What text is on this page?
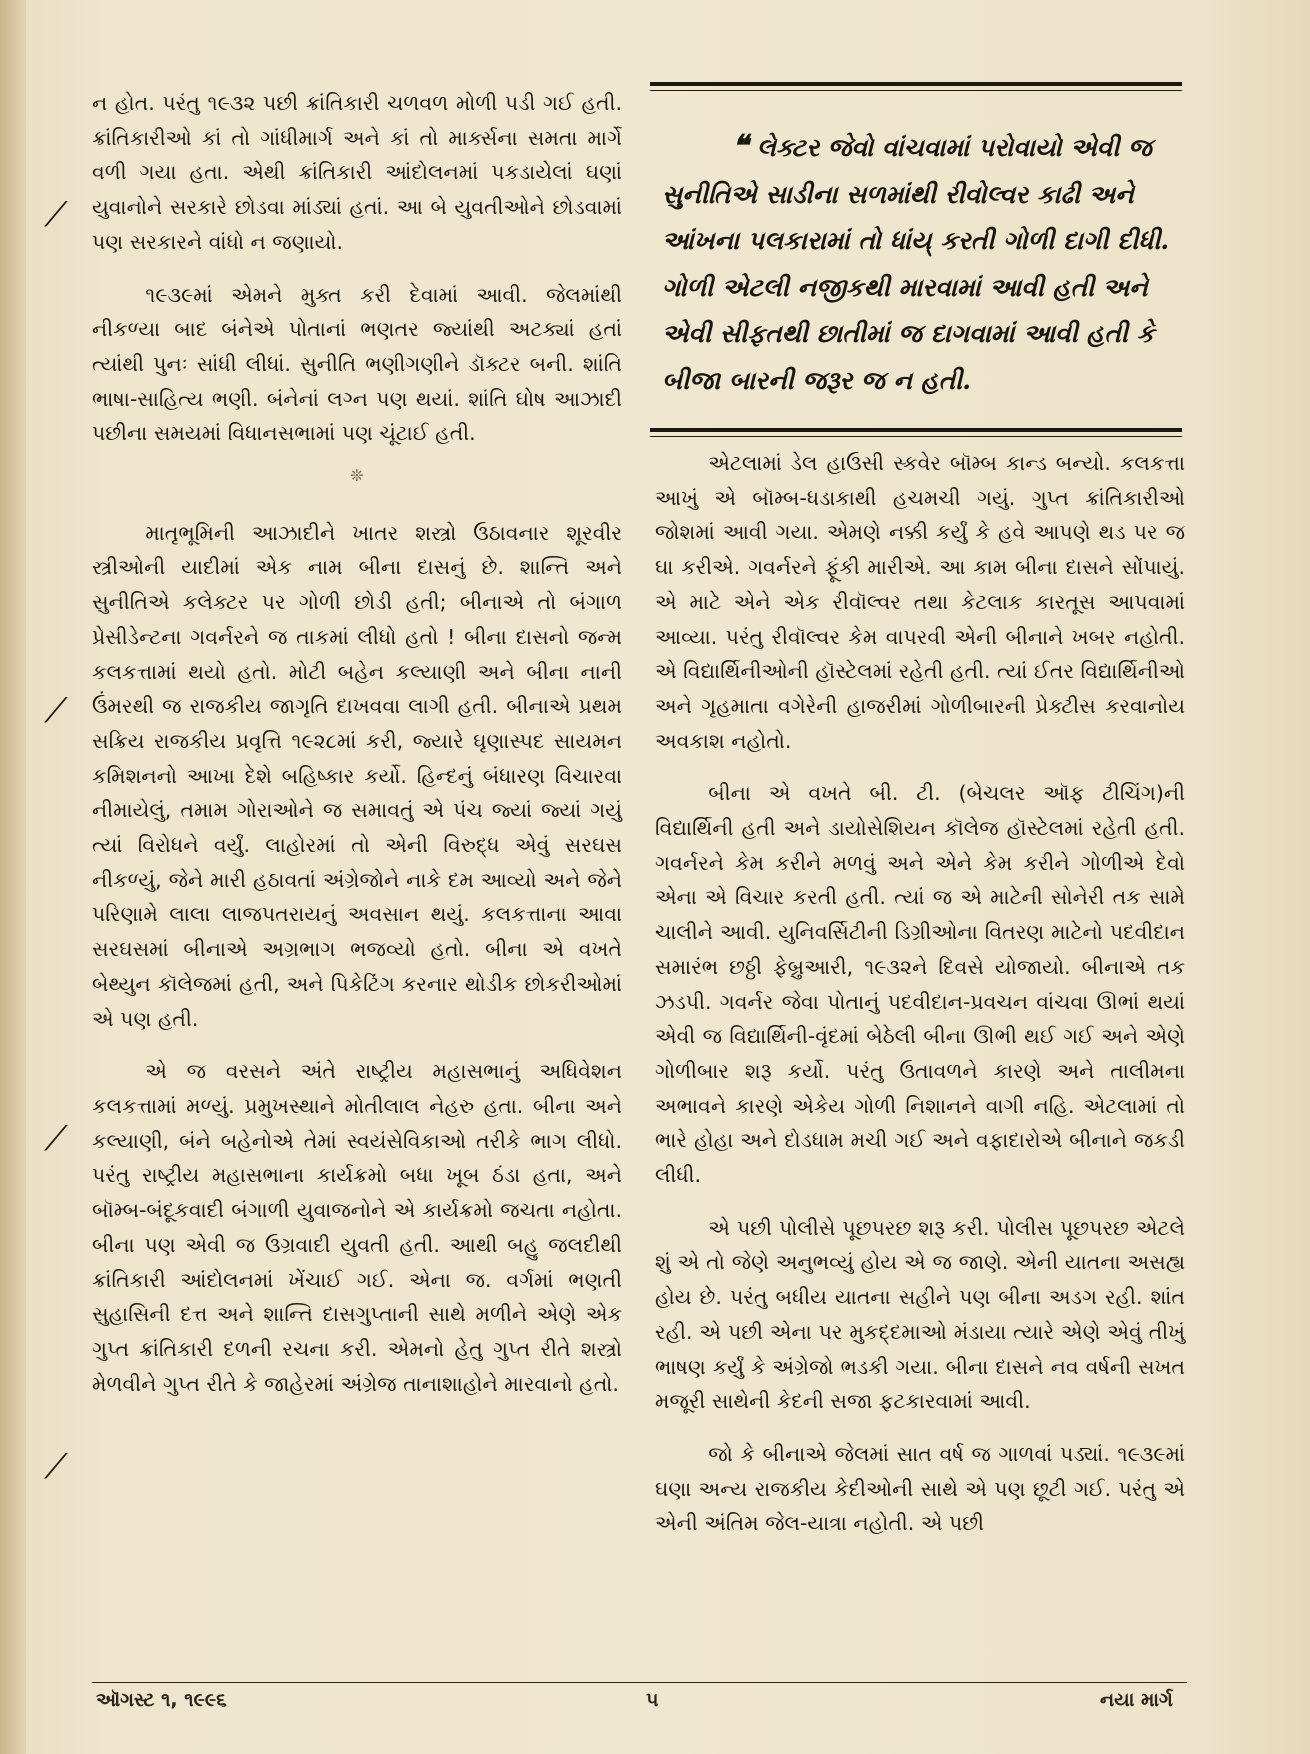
⟋
⟋
⟋
⟋

ન હોત. પરંતુ ૧૯૩૨ પછી ક્રાંતિકારી ચળવળ મોળી પડી ગઈ હતી. ક્રાંતિકારીઓ કાં તો ગાંધીમાર્ગ અને કાં તો માર્ક્સના સમતા માર્ગે વળી ગયા હતા. એથી ક્રાંતિકારી આંદોલનમાં પકડાયેલાં ઘણાં યુવાનોને સરકારે છોડવા માંડ્યાં હતાં. આ બે યુવતીઓને છોડવામાં પણ સરકારને વાંધો ન જણાયો.

૧૯૩૯માં એમને મુક્ત કરી દેવામાં આવી. જેલમાંથી નીકળ્યા બાદ બંનેએ પોતાનાં ભણતર જ્યાંથી અટક્યાં હતાં ત્યાંથી પુનઃ સાંધી લીધાં. સુનીતિ ભણીગણીને ડૉક્ટર બની. શાંતિ ભાષા-સાહિત્ય ભણી. બંનેનાં લગ્ન પણ થયાં. શાંતિ ઘોષ આઝાદી પછીના સમયમાં વિધાનસભામાં પણ ચૂંટાઈ હતી.

❊

માતૃભૂમિની આઝાદીને ખાતર શસ્ત્રો ઉઠાવનાર શૂરવીર સ્ત્રીઓની યાદીમાં એક નામ બીના દાસનું છે. શાન્તિ અને સુનીતિએ કલેક્ટર પર ગોળી છોડી હતી; બીનાએ તો બંગાળ પ્રેસીડેન્ટના ગવર્નરને જ તાકમાં લીધો હતો ! બીના દાસનો જન્મ કલકત્તામાં થયો હતો. મોટી બહેન કલ્યાણી અને બીના નાની ઉંમરથી જ રાજકીય જાગૃતિ દાખવવા લાગી હતી. બીનાએ પ્રથમ સક્રિય રાજકીય પ્રવૃત્તિ ૧૯૨૮માં કરી, જ્યારે ઘૃણાસ્પદ સાયમન કમિશનનો આખા દેશે બહિષ્કાર કર્યો. હિન્દનું બંધારણ વિચારવા નીમાયેલું, તમામ ગોરાઓને જ સમાવતું એ પંચ જ્યાં જ્યાં ગયું ત્યાં વિરોધને વર્યું. લાહોરમાં તો એની વિરુદ્ધ એવું સરઘસ નીકળ્યું, જેને મારી હઠાવતાં અંગ્રેજોને નાકે દમ આવ્યો અને જેને પરિણામે લાલા લાજપતરાયનું અવસાન થયું. કલકત્તાના આવા સરઘસમાં બીનાએ અગ્રભાગ ભજવ્યો હતો. બીના એ વખતે બેથ્યુન કૉલેજમાં હતી, અને પિકેટિંગ કરનાર થોડીક છોકરીઓમાં એ પણ હતી.

એ જ વરસને અંતે રાષ્ટ્રીય મહાસભાનું અધિવેશન કલકત્તામાં મળ્યું. પ્રમુખસ્થાને મોતીલાલ નેહરુ હતા. બીના અને કલ્યાણી, બંને બહેનોએ તેમાં સ્વયંસેવિકાઓ તરીકે ભાગ લીધો. પરંતુ રાષ્ટ્રીય મહાસભાના કાર્યક્રમો બધા ખૂબ ઠંડા હતા, અને બૉમ્બ-બંદૂકવાદી બંગાળી યુવાજનોને એ કાર્યક્રમો જચતા નહોતા. બીના પણ એવી જ ઉગ્રવાદી યુવતી હતી. આથી બહુ જલદીથી ક્રાંતિકારી આંદોલનમાં ખેંચાઈ ગઈ. એના જ. વર્ગમાં ભણતી સુહાસિની દત્ત અને શાન્તિ દાસગુપ્તાની સાથે મળીને એણે એક ગુપ્ત ક્રાંતિકારી દળની રચના કરી. એમનો હેતુ ગુપ્ત રીતે શસ્ત્રો મેળવીને ગુપ્ત રીતે કે જાહેરમાં અંગ્રેજ તાનાશાહોને મારવાનો હતો.

❝ લેક્ટર જેવો વાંચવામાં પરોવાયો એવી જ સુનીતિએ સાડીના સળમાંથી રીવોલ્વર કાઢી અને આંખના પલકારામાં તો ધાંય્ કરતી ગોળી દાગી દીધી. ગોળી એટલી નજીકથી મારવામાં આવી હતી અને એવી સીફતથી છાતીમાં જ દાગવામાં આવી હતી કે બીજા બારની જરૂર જ ન હતી.

એટલામાં ડેલ હાઉસી સ્કવેર બૉમ્બ કાન્ડ બન્યો. કલકત્તા આખું એ બૉમ્બ-ધડાકાથી હચમચી ગયું. ગુપ્ત ક્રાંતિકારીઓ જોશમાં આવી ગયા. એમણે નક્કી કર્યું કે હવે આપણે થડ પર જ ઘા કરીએ. ગવર્નરને ફૂંકી મારીએ. આ કામ બીના દાસને સોંપાયું. એ માટે એને એક રીવૉલ્વર તથા કેટલાક કારતૂસ આપવામાં આવ્યા. પરંતુ રીવૉલ્વર કેમ વાપરવી એની બીનાને ખબર નહોતી. એ વિદ્યાર્થિનીઓની હૉસ્ટેલમાં રહેતી હતી. ત્યાં ઈતર વિદ્યાર્થિનીઓ અને ગૃહમાતા વગેરેની હાજરીમાં ગોળીબારની પ્રેક્ટીસ કરવાનોય અવકાશ નહોતો.

બીના એ વખતે બી. ટી. (બેચલર ઑફ ટીચિંગ)ની વિદ્યાર્થિની હતી અને ડાયોસેશિયન કૉલેજ હૉસ્ટેલમાં રહેતી હતી. ગવર્નરને કેમ કરીને મળવું અને એને કેમ કરીને ગોળીએ દેવો એના એ વિચાર કરતી હતી. ત્યાં જ એ માટેની સોનેરી તક સામે ચાલીને આવી. યુનિવર્સિટીની ડિગ્રીઓના વિતરણ માટેનો પદવીદાન સમારંભ છઠ્ઠી ફેબ્રુઆરી, ૧૯૩૨ને દિવસે યોજાયો. બીનાએ તક ઝડપી. ગવર્નર જેવા પોતાનું પદવીદાન-પ્રવચન વાંચવા ઊભાં થયાં એવી જ વિદ્યાર્થિની-વૃંદમાં બેઠેલી બીના ઊભી થઈ ગઈ અને એણે ગોળીબાર શરૂ કર્યો. પરંતુ ઉતાવળને કારણે અને તાલીમના અભાવને કારણે એકેય ગોળી નિશાનને વાગી નહિ. એટલામાં તો ભારે હોહા અને દોડધામ મચી ગઈ અને વફાદારોએ બીનાને જકડી લીધી.

એ પછી પોલીસે પૂછપરછ શરૂ કરી. પોલીસ પૂછપરછ એટલે શું એ તો જેણે અનુભવ્યું હોય એ જ જાણે. એની યાતના અસહ્ય હોય છે. પરંતુ બધીય યાતના સહીને પણ બીના અડગ રહી. શાંત રહી. એ પછી એના પર મુકદ્દમાઓ મંડાયા ત્યારે એણે એવું તીખું ભાષણ કર્યું કે અંગ્રેજો ભડકી ગયા. બીના દાસને નવ વર્ષની સખત મજૂરી સાથેની કેદની સજા ફટકારવામાં આવી.

જો કે બીનાએ જેલમાં સાત વર્ષ જ ગાળવાં પડ્યાં. ૧૯૩૯માં ઘણા અન્ય રાજકીય કેદીઓની સાથે એ પણ છૂટી ગઈ. પરંતુ એ એની અંતિમ જેલ-યાત્રા નહોતી. એ પછી

ઑગસ્ટ ૧, ૧૯૯૬	૫	નયા માર્ગ
